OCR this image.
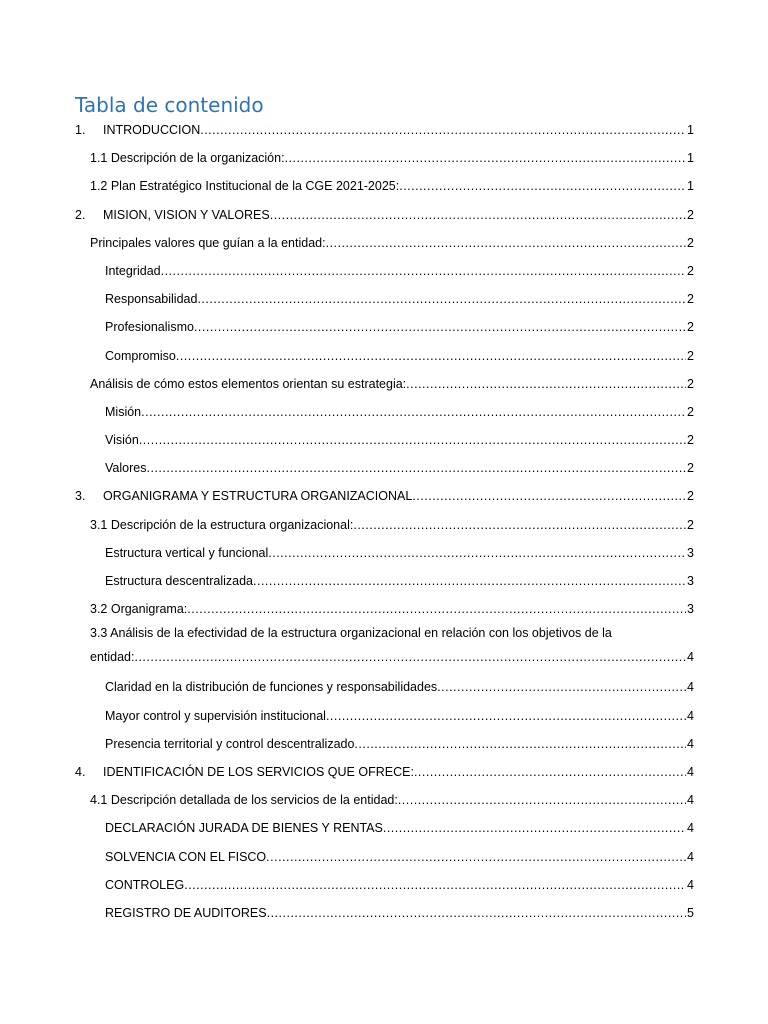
Tabla de contenido
1.	INTRODUCCION .....	1
1.1 Descripción de la organización: .....	1
1.2 Plan Estratégico Institucional de la CGE 2021-2025: .....	1
2.	MISION, VISION Y VALORES .....	2
Principales valores que guían a la entidad: .....	2
Integridad .....	2
Responsabilidad .....	2
Profesionalismo .....	2
Compromiso .....	2
Análisis de cómo estos elementos orientan su estrategia: .....	2
Misión .....	2
Visión .....	2
Valores .....	2
3.	ORGANIGRAMA Y ESTRUCTURA ORGANIZACIONAL .....	2
3.1 Descripción de la estructura organizacional: .....	2
Estructura vertical y funcional .....	3
Estructura descentralizada .....	3
3.2 Organigrama: .....	3
3.3 Análisis de la efectividad de la estructura organizacional en relación con los objetivos de la
entidad: .....	4
Claridad en la distribución de funciones y responsabilidades .....	4
Mayor control y supervisión institucional .....	4
Presencia territorial y control descentralizado .....	4
4.	IDENTIFICACIÓN DE LOS SERVICIOS QUE OFRECE: .....	4
4.1 Descripción detallada de los servicios de la entidad: .....	4
DECLARACIÓN JURADA DE BIENES Y RENTAS .....	4
SOLVENCIA CON EL FISCO .....	4
CONTROLEG .....	4
REGISTRO DE AUDITORES .....	5
